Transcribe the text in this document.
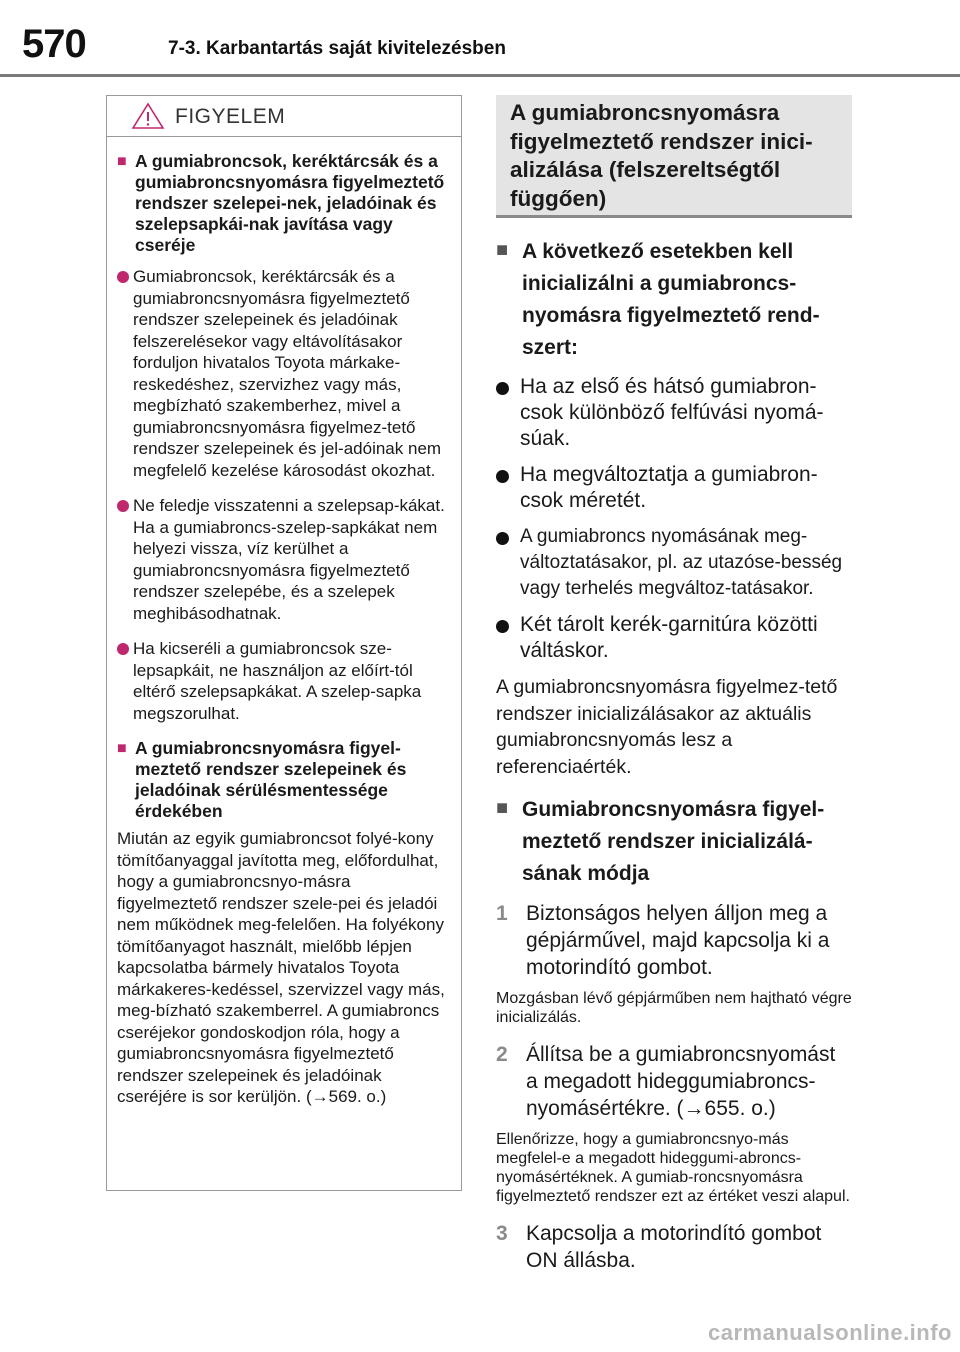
570	7-3. Karbantartás saját kivitelezésben
FIGYELEM
■ A gumiabroncsok, keréktárcsák és a gumiabroncsnyomásra figyelmeztető rendszer szelepei-nek, jeladóinak és szelepsapkái-nak javítása vagy cseréje
Gumiabroncsok, keréktárcsák és a gumiabroncsnyomásra figyelmeztető rendszer szelepeinek és jeladóinak felszerelésekor vagy eltávolításakor forduljon hivatalos Toyota márkake-reskedéshez, szervizhez vagy más, megbízható szakemberhez, mivel a gumiabroncsnyomásra figyelmez-tető rendszer szelepeinek és jel-adóinak nem megfelelő kezelése károsodást okozhat.
Ne feledje visszatenni a szelepsap-kákat. Ha a gumiabroncs-szelep-sapkákat nem helyezi vissza, víz kerülhet a gumiabroncsnyomásra figyelmeztető rendszer szelepébe, és a szelepek meghibásodhatnak.
Ha kicseréli a gumiabroncsok sze-lepsapkáit, ne használjon az előírt-tól eltérő szelepsapkákat. A szelep-sapka megszorulhat.
■ A gumiabroncsnyomásra figyel-meztető rendszer szelepeinek és jeladóinak sérülésmentessége érdekében
Miután az egyik gumiabroncsot folyé-kony tömítőanyaggal javította meg, előfordulhat, hogy a gumiabroncsnyo-másra figyelmeztető rendszer szele-pei és jeladói nem működnek meg-felelően. Ha folyékony tömítőanyagot használt, mielőbb lépjen kapcsolatba bármely hivatalos Toyota márkakeres-kedéssel, szervizzel vagy más, meg-bízható szakemberrel. A gumiabroncs cseréjekor gondoskodjon róla, hogy a gumiabroncsnyomásra figyelmeztető rendszer szelepeinek és jeladóinak cseréjére is sor kerüljön. (→569. o.)
A gumiabroncsnyomásra figyelmeztető rendszer inici-alizálása (felszereltségtől függően)
■ A következő esetekben kell inicializálni a gumiabroncs-nyomásra figyelmeztető rend-szert:
Ha az első és hátsó gumiabron-csok különböző felfúvási nyomá-súak.
Ha megváltoztatja a gumiabron-csok méretét.
A gumiabroncs nyomásának meg-változtatásakor, pl. az utazóse-besség vagy terhelés megváltoz-tatásakor.
Két tárolt kerék-garnitúra közötti váltáskor.
A gumiabroncsnyomásra figyelmez-tető rendszer inicializálásakor az aktuális gumiabroncsnyomás lesz a referenciaérték.
■ Gumiabroncsnyomásra figyel-meztető rendszer inicializálá-sának módja
1 Biztonságos helyen álljon meg a gépjárművel, majd kapcsolja ki a motorindító gombot.
Mozgásban lévő gépjárműben nem hajtható végre inicializálás.
2 Állítsa be a gumiabroncsnyomást a megadott hideggumiabroncs-nyomásértékre. (→655. o.)
Ellenőrizze, hogy a gumiabroncsnyo-más megfelel-e a megadott hideggumi-abroncs-nyomásértéknek. A gumiab-roncsnyomásra figyelmeztető rendszer ezt az értéket veszi alapul.
3 Kapcsolja a motorindító gombot ON állásba.
carmanualsonline.info
